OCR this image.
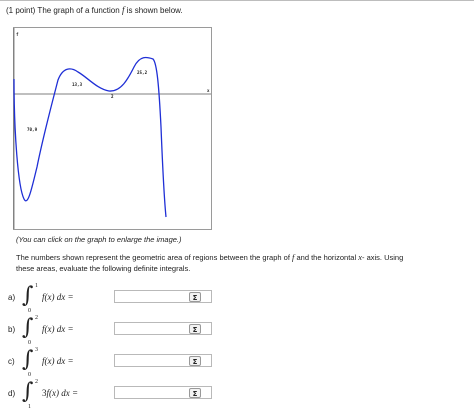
(1 point) The graph of a function f is shown below.
f
x
13,3
25,2
70,9
2
(You can click on the graph to enlarge the image.)
The numbers shown represent the geometric area of regions between the graph of f and the horizontal x- axis. Using these areas, evaluate the following definite integrals.
a) ∫ 1
0
f(x) dx =	Σ
b) ∫ 2
0
f(x) dx =	Σ
c) ∫ 3
0
f(x) dx =	Σ
d) ∫ 2
1
3f(x) dx =	Σ
